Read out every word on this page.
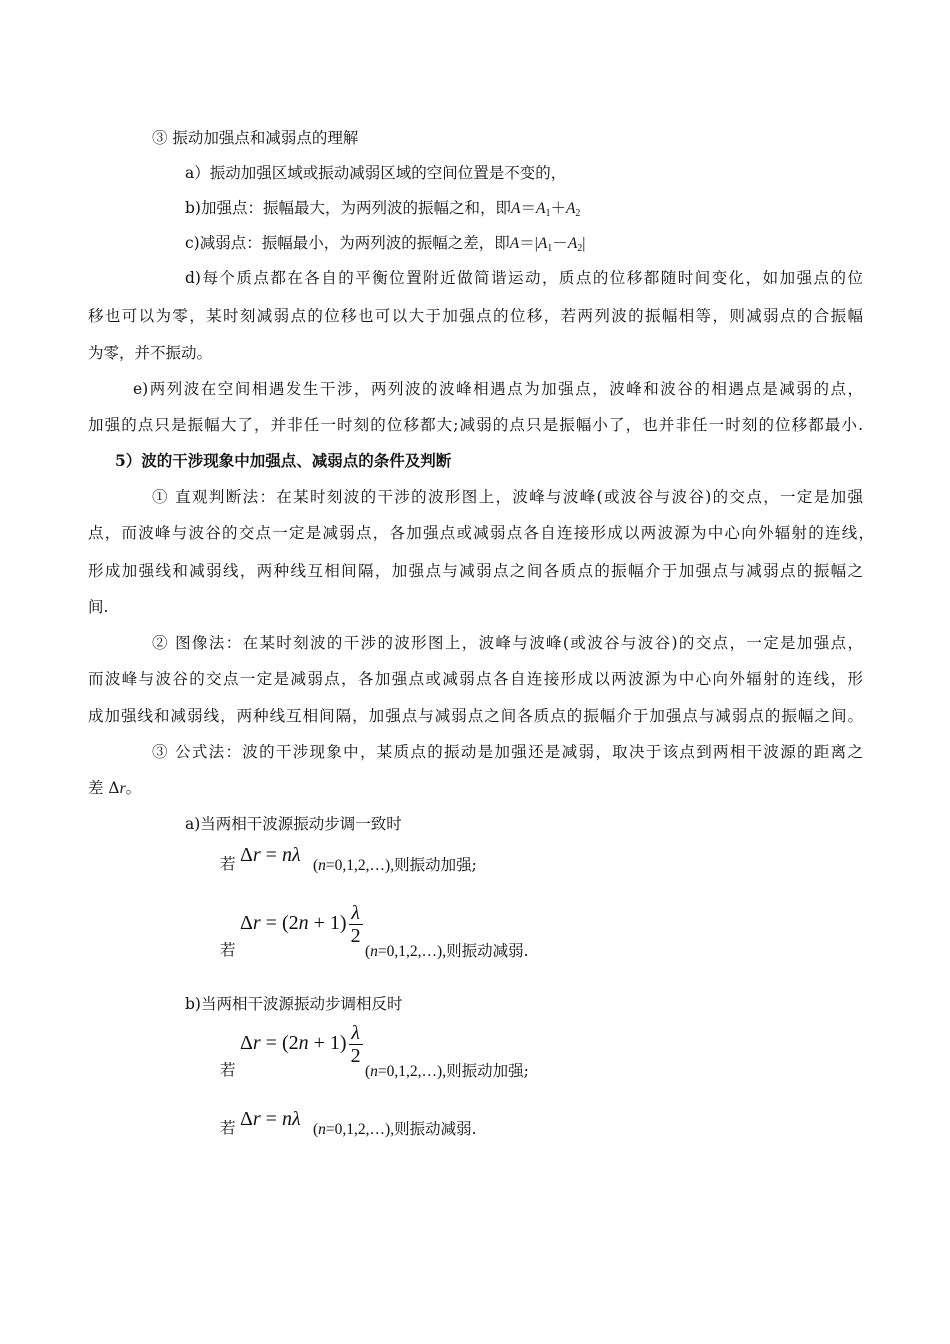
③ 振动加强点和减弱点的理解
a）振动加强区域或振动减弱区域的空间位置是不变的，
b)加强点：振幅最大，为两列波的振幅之和，即$A=A_1+A_2$
c)减弱点：振幅最小，为两列波的振幅之差，即$A=|A_1-A_2|$
d)每个质点都在各自的平衡位置附近做简谐运动，质点的位移都随时间变化，如加强点的位
移也可以为零，某时刻减弱点的位移也可以大于加强点的位移，若两列波的振幅相等，则减弱点的合振幅
为零，并不振动。
e)两列波在空间相遇发生干涉，两列波的波峰相遇点为加强点，波峰和波谷的相遇点是减弱的点，
加强的点只是振幅大了，并非任一时刻的位移都大;减弱的点只是振幅小了，也并非任一时刻的位移都最小.
5）波的干涉现象中加强点、减弱点的条件及判断
① 直观判断法：在某时刻波的干涉的波形图上，波峰与波峰(或波谷与波谷)的交点，一定是加强
点，而波峰与波谷的交点一定是减弱点，各加强点或减弱点各自连接形成以两波源为中心向外辐射的连线，
形成加强线和减弱线，两种线互相间隔，加强点与减弱点之间各质点的振幅介于加强点与减弱点的振幅之
间.
② 图像法：在某时刻波的干涉的波形图上，波峰与波峰(或波谷与波谷)的交点，一定是加强点，
而波峰与波谷的交点一定是减弱点，各加强点或减弱点各自连接形成以两波源为中心向外辐射的连线，形
成加强线和减弱线，两种线互相间隔，加强点与减弱点之间各质点的振幅介于加强点与减弱点的振幅之间。
③ 公式法：波的干涉现象中，某质点的振动是加强还是减弱，取决于该点到两相干波源的距离之
差 Δr。
a)当两相干波源振动步调一致时
若 Δr = nλ (n=0,1,2,…),则振动加强;
若
$\Delta r = (2n + 1) \frac{\lambda}{2}$
(n=0,1,2,…),则振动减弱.
b)当两相干波源振动步调相反时
若
$\Delta r = (2n + 1) \frac{\lambda}{2}$
(n=0,1,2,…),则振动加强;
若 Δr = nλ (n=0,1,2,…),则振动减弱.
